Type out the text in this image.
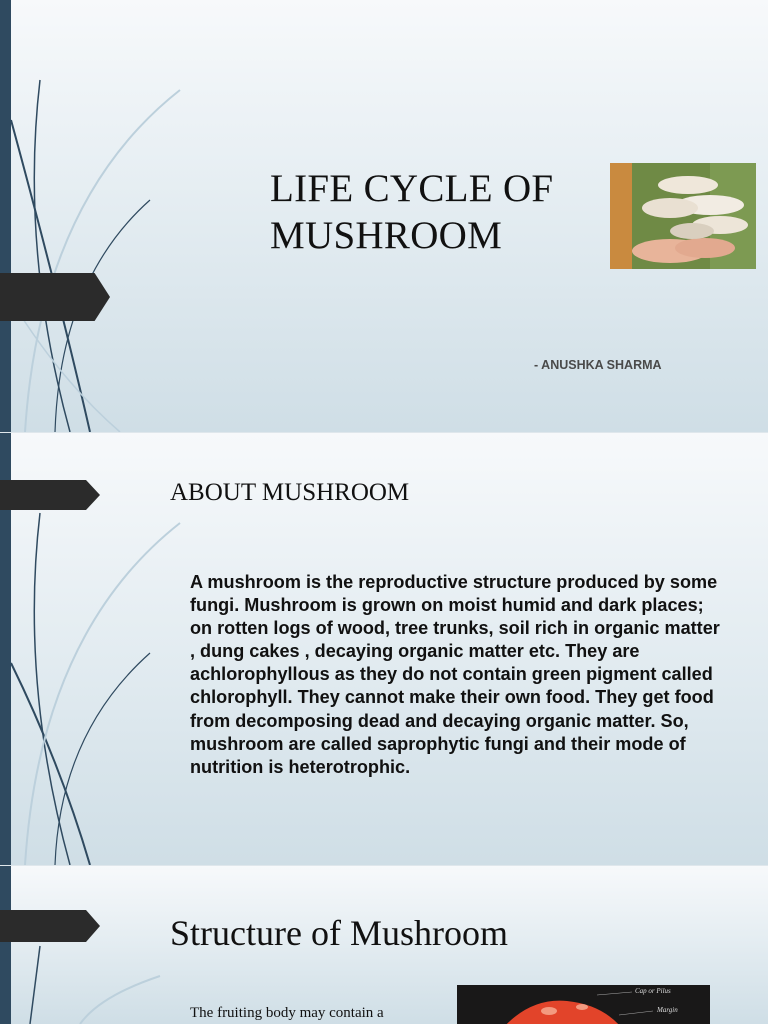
LIFE CYCLE OF
MUSHROOM
- ANUSHKA SHARMA
ABOUT MUSHROOM

A mushroom is the reproductive structure produced by some fungi. Mushroom is grown on moist humid and dark places; on rotten logs of wood, tree trunks, soil rich in organic matter , dung cakes , decaying organic matter etc. They are achlorophyllous as they do not contain green pigment called chlorophyll. They cannot make their own food. They get food from decomposing dead and decaying organic matter. So, mushroom are called saprophytic fungi and their mode of nutrition is heterotrophic.

Structure of Mushroom

The fruiting body may contain a

Cap or Pilus
Margin
